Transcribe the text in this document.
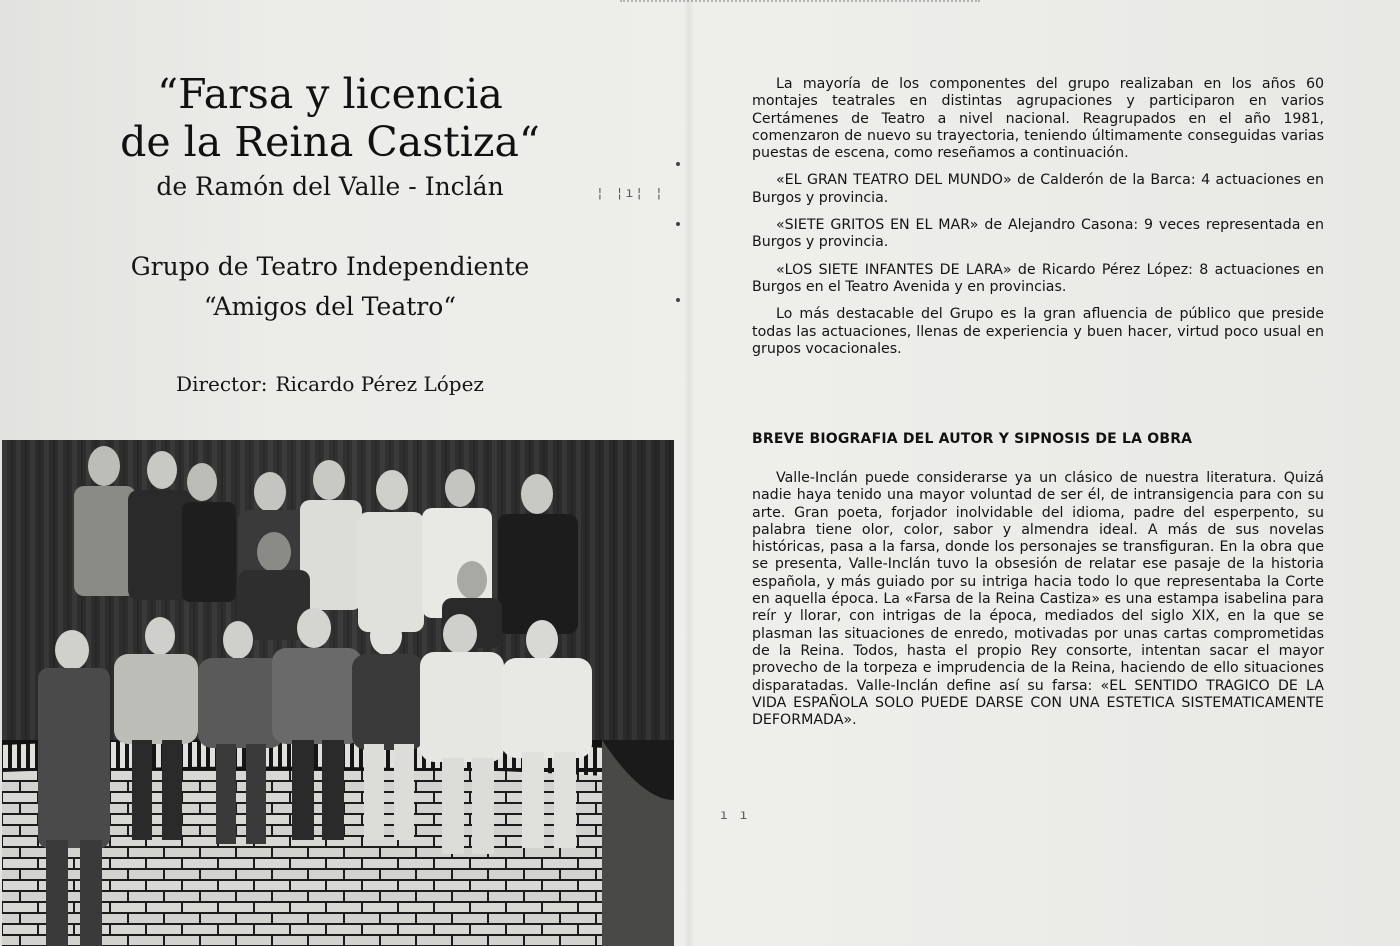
“Farsa y licencia
de la Reina Castiza“
de Ramón del Valle - Inclán
Grupo de Teatro Independiente
“Amigos del Teatro“
Director: Ricardo Pérez López

La mayoría de los componentes del grupo realizaban en los años 60 montajes teatrales en distintas agrupaciones y participaron en varios Certámenes de Teatro a nivel nacional. Reagrupados en el año 1981, comenzaron de nuevo su trayectoria, teniendo últimamente conseguidas varias puestas de escena, como reseñamos a continuación.

«EL GRAN TEATRO DEL MUNDO» de Calderón de la Barca: 4 actuaciones en Burgos y provincia.

«SIETE GRITOS EN EL MAR» de Alejandro Casona: 9 veces representada en Burgos y provincia.

«LOS SIETE INFANTES DE LARA» de Ricardo Pérez López: 8 actuaciones en Burgos en el Teatro Avenida y en provincias.

Lo más destacable del Grupo es la gran afluencia de público que preside todas las actuaciones, llenas de experiencia y buen hacer, virtud poco usual en grupos vocacionales.

BREVE BIOGRAFIA DEL AUTOR Y SIPNOSIS DE LA OBRA

Valle-Inclán puede considerarse ya un clásico de nuestra literatura. Quizá nadie haya tenido una mayor voluntad de ser él, de intransigencia para con su arte. Gran poeta, forjador inolvidable del idioma, padre del esperpento, su palabra tiene olor, color, sabor y almendra ideal. A más de sus novelas históricas, pasa a la farsa, donde los personajes se transfiguran. En la obra que se presenta, Valle-Inclán tuvo la obsesión de relatar ese pasaje de la historia española, y más guiado por su intriga hacia todo lo que representaba la Corte en aquella época. La «Farsa de la Reina Castiza» es una estampa isabelina para reír y llorar, con intrigas de la época, mediados del siglo XIX, en la que se plasman las situaciones de enredo, motivadas por unas cartas comprometidas de la Reina. Todos, hasta el propio Rey consorte, intentan sacar el mayor provecho de la torpeza e imprudencia de la Reina, haciendo de ello situaciones disparatadas. Valle-Inclán define así su farsa: «EL SENTIDO TRAGICO DE LA VIDA ESPAÑOLA SOLO PUEDE DARSE CON UNA ESTETICA SISTEMATICAMENTE DEFORMADA».

¦ ¦ı¦ ¦
ı ı
